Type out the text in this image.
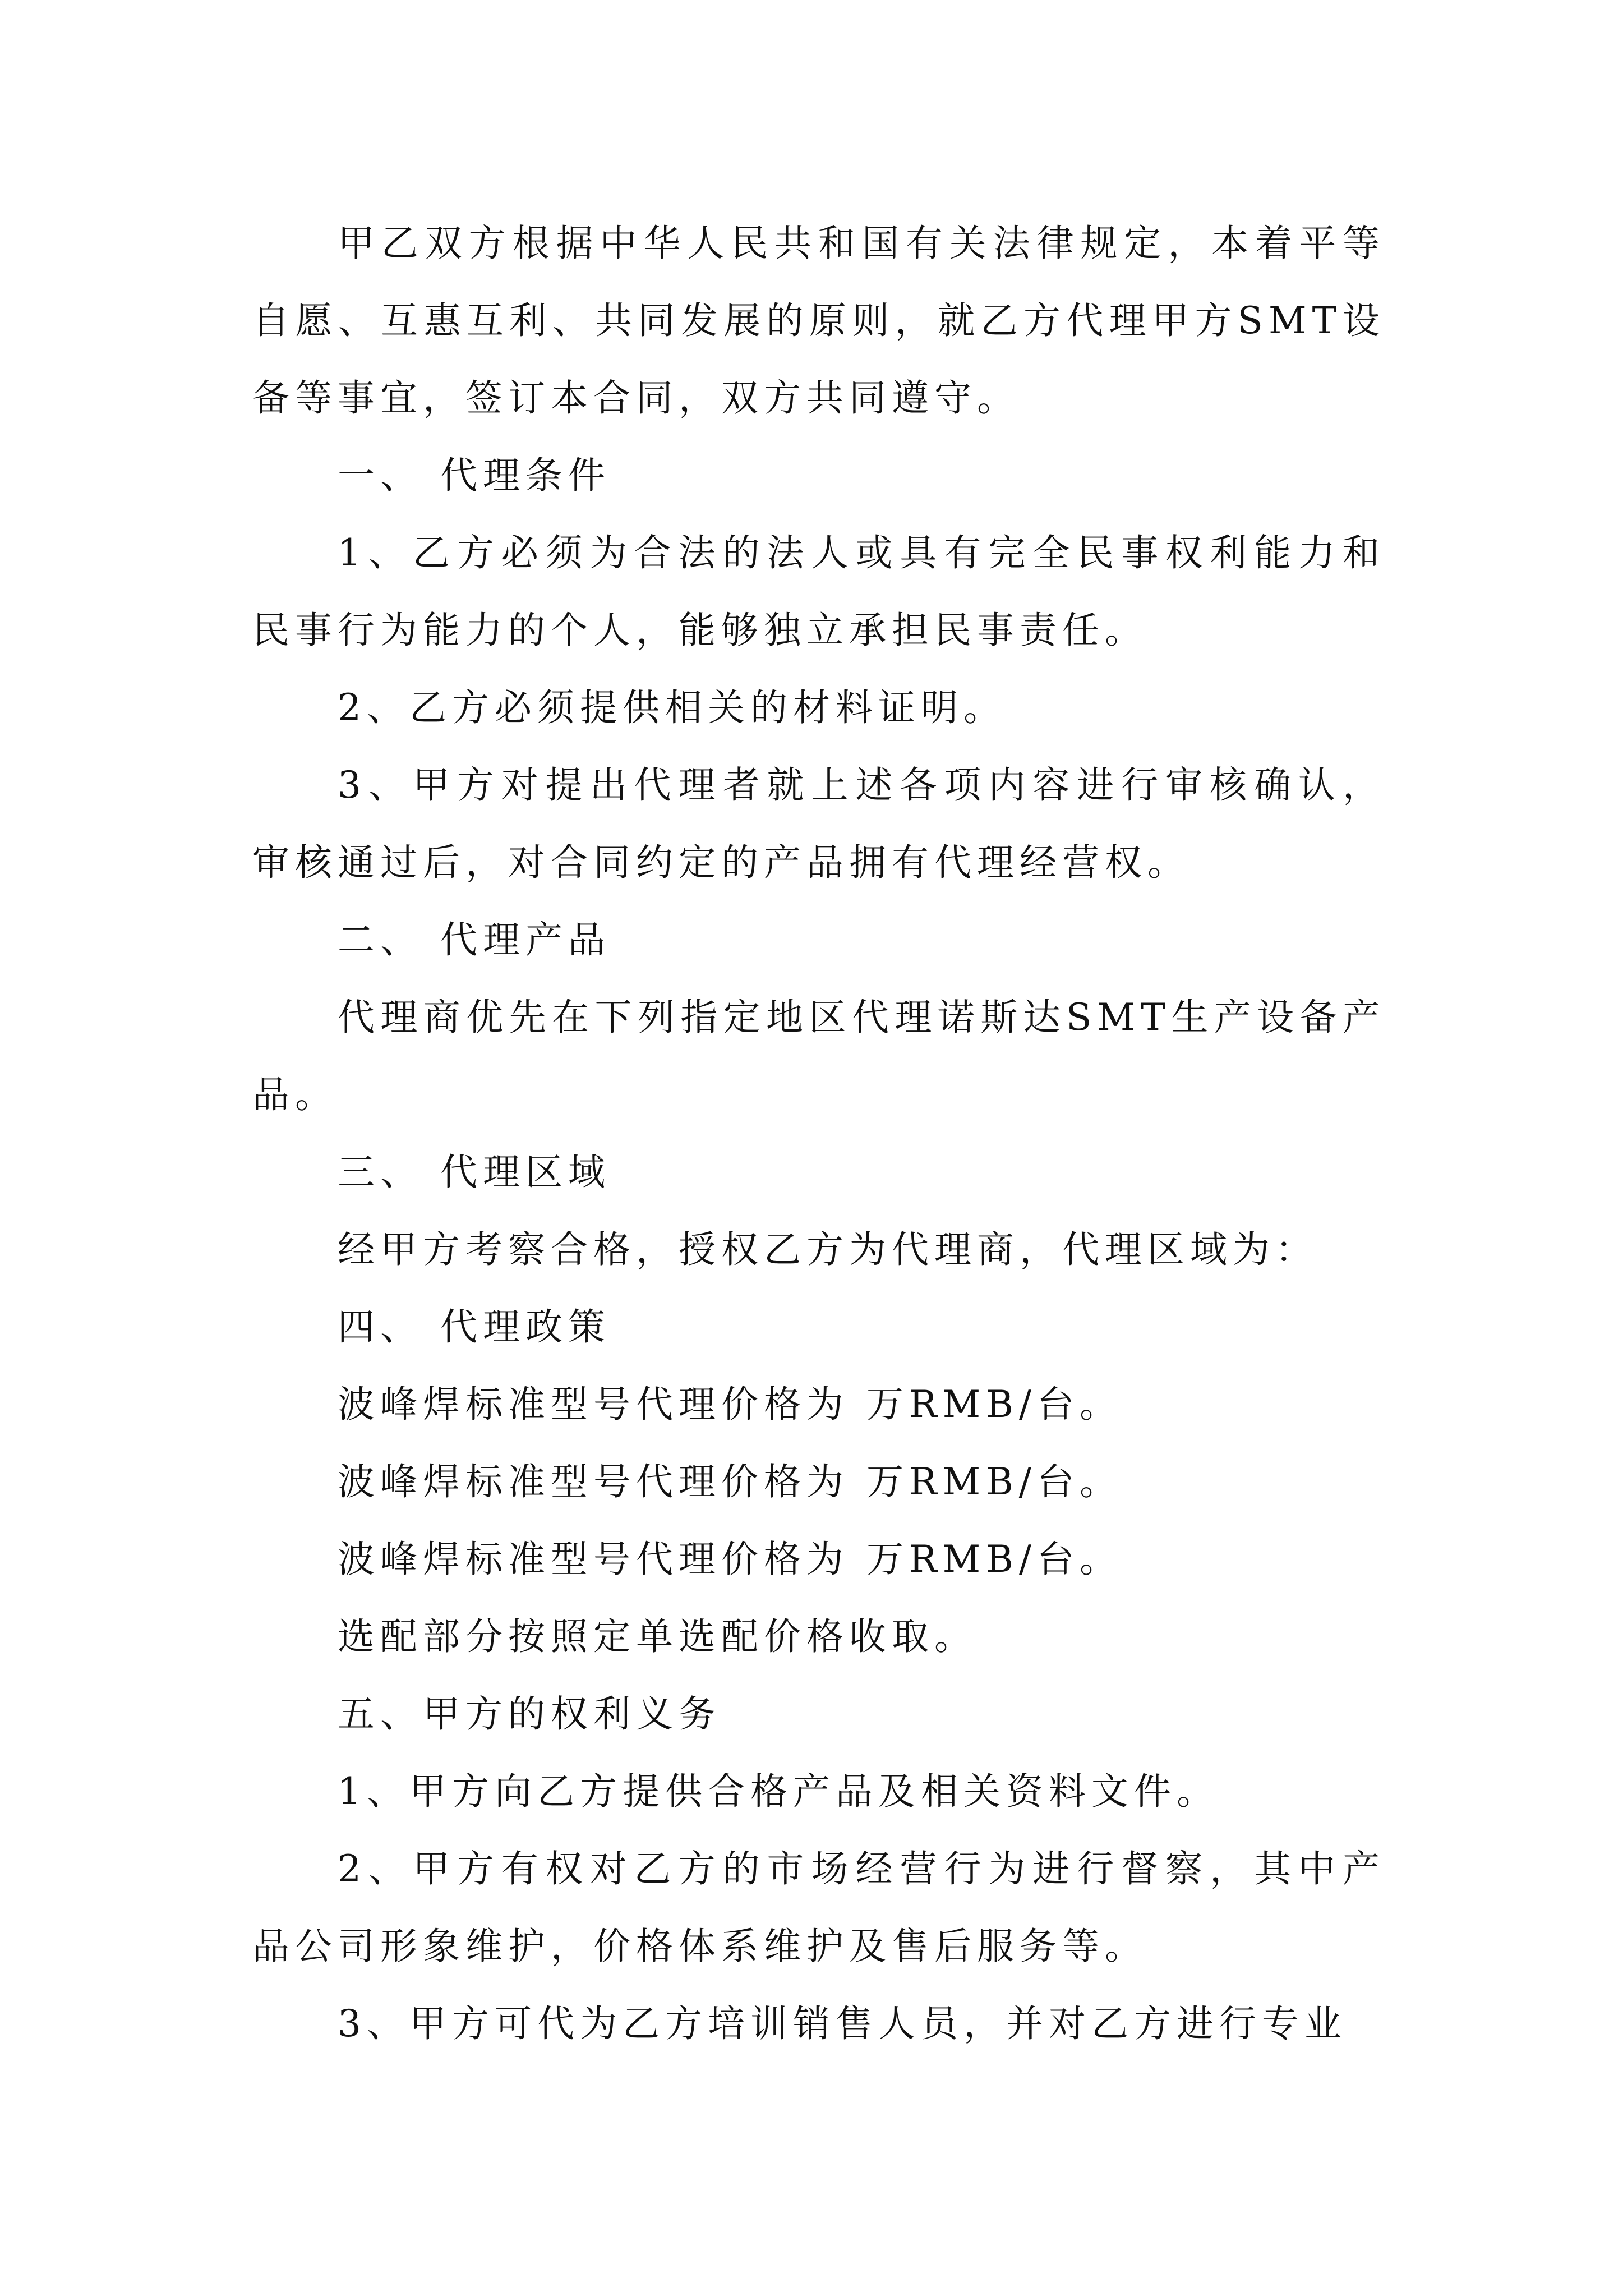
甲乙双方根据中华人民共和国有关法律规定，本着平等自愿、互惠互利、共同发展的原则，就乙方代理甲方SMT设备等事宜，签订本合同，双方共同遵守。

一、 代理条件

1、乙方必须为合法的法人或具有完全民事权利能力和民事行为能力的个人，能够独立承担民事责任。

2、乙方必须提供相关的材料证明。

3、甲方对提出代理者就上述各项内容进行审核确认，审核通过后，对合同约定的产品拥有代理经营权。

二、 代理产品

代理商优先在下列指定地区代理诺斯达SMT生产设备产品。

三、 代理区域

经甲方考察合格，授权乙方为代理商，代理区域为：

四、 代理政策

波峰焊标准型号代理价格为 万RMB/台。

波峰焊标准型号代理价格为 万RMB/台。

波峰焊标准型号代理价格为 万RMB/台。

选配部分按照定单选配价格收取。

五、甲方的权利义务

1、甲方向乙方提供合格产品及相关资料文件。

2、甲方有权对乙方的市场经营行为进行督察，其中产品公司形象维护，价格体系维护及售后服务等。

3、甲方可代为乙方培训销售人员，并对乙方进行专业
